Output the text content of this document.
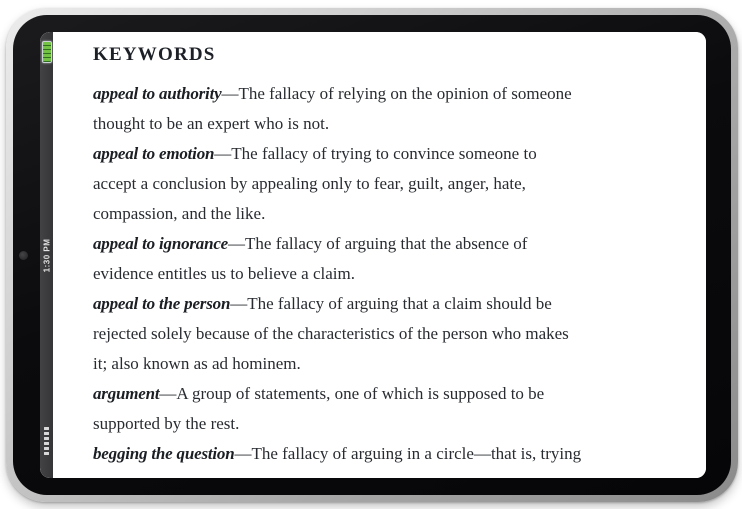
1:30 PM
KEYWORDS
appeal to authority—The fallacy of relying on the opinion of someone
thought to be an expert who is not.
appeal to emotion—The fallacy of trying to convince someone to
accept a conclusion by appealing only to fear, guilt, anger, hate,
compassion, and the like.
appeal to ignorance—The fallacy of arguing that the absence of
evidence entitles us to believe a claim.
appeal to the person—The fallacy of arguing that a claim should be
rejected solely because of the characteristics of the person who makes
it; also known as ad hominem.
argument—A group of statements, one of which is supposed to be
supported by the rest.
begging the question—The fallacy of arguing in a circle—that is, trying
